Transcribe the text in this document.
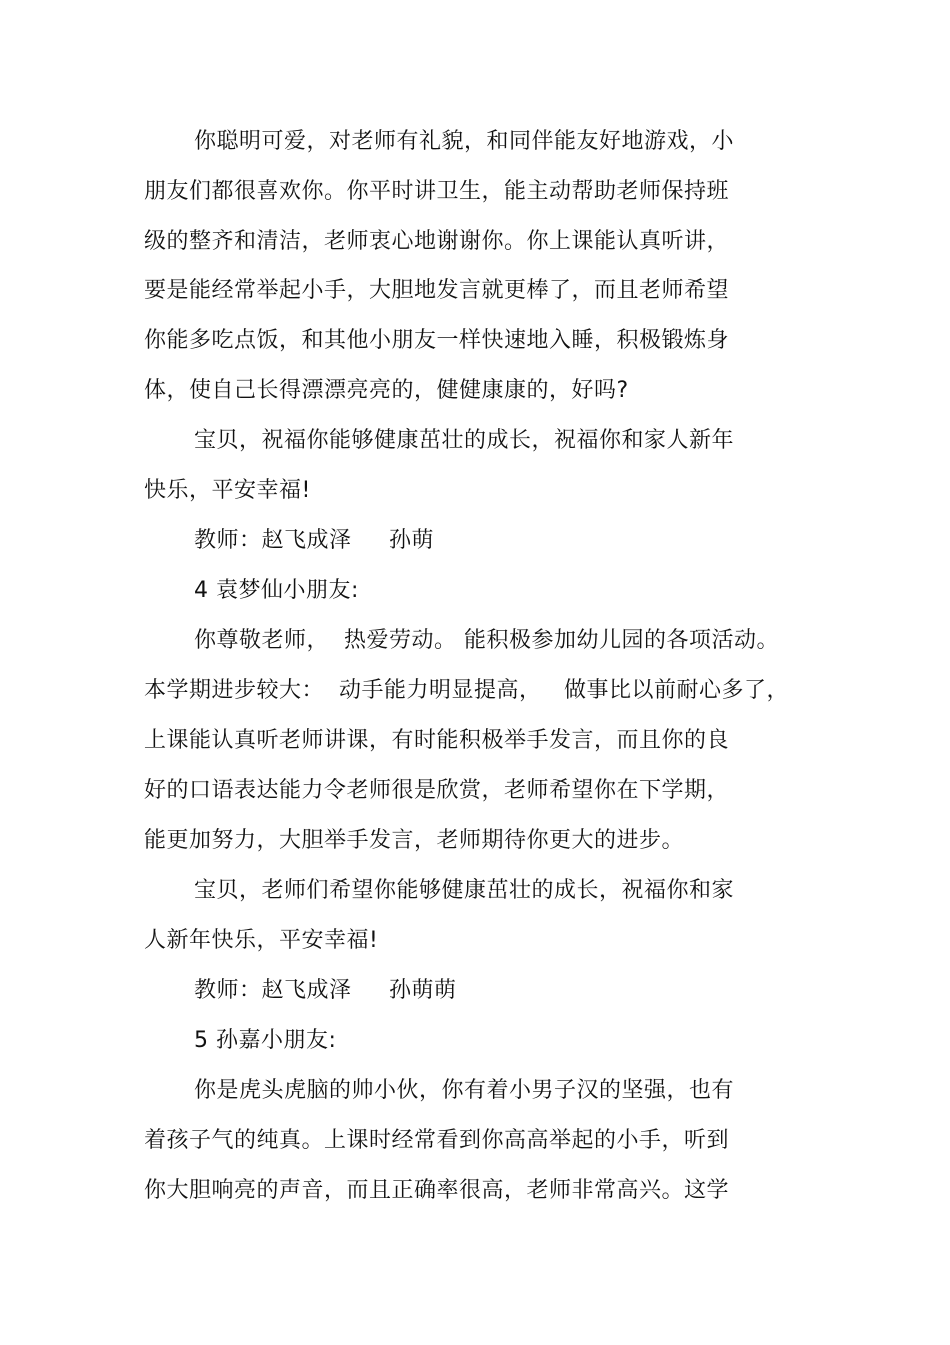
你聪明可爱，对老师有礼貌，和同伴能友好地游戏，小
朋友们都很喜欢你。你平时讲卫生，能主动帮助老师保持班
级的整齐和清洁，老师衷心地谢谢你。你上课能认真听讲，
要是能经常举起小手，大胆地发言就更棒了，而且老师希望
你能多吃点饭，和其他小朋友一样快速地入睡，积极锻炼身
体，使自己长得漂漂亮亮的，健健康康的，好吗?
宝贝，祝福你能够健康茁壮的成长，祝福你和家人新年
快乐，平安幸福!
教师：赵飞成泽     孙萌
4 袁梦仙小朋友:
你尊敬老师，  热爱劳动。 能积极参加幼儿园的各项活动。
本学期进步较大：  动手能力明显提高，   做事比以前耐心多了，
上课能认真听老师讲课，有时能积极举手发言，而且你的良
好的口语表达能力令老师很是欣赏，老师希望你在下学期，
能更加努力，大胆举手发言，老师期待你更大的进步。
宝贝，老师们希望你能够健康茁壮的成长，祝福你和家
人新年快乐，平安幸福!
教师：赵飞成泽     孙萌萌
5 孙嘉小朋友:
你是虎头虎脑的帅小伙，你有着小男子汉的坚强，也有
着孩子气的纯真。上课时经常看到你高高举起的小手，听到
你大胆响亮的声音，而且正确率很高，老师非常高兴。这学
